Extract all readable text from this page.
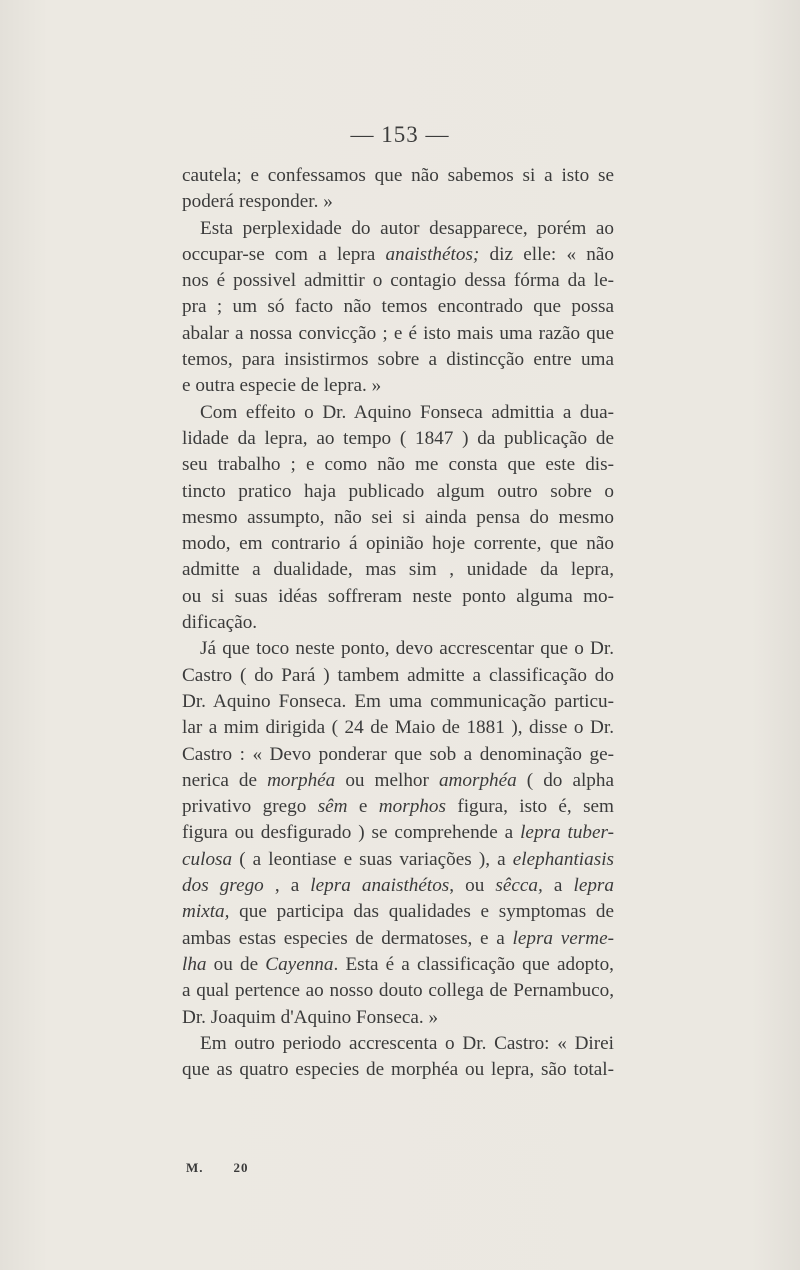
— 153 —
cautela; e confessamos que não sabemos si a isto se
poderá responder. »
Esta perplexidade do autor desapparece, porém ao
occupar-se com a lepra anaisthétos; diz elle: « não
nos é possivel admittir o contagio dessa fórma da le-
pra ; um só facto não temos encontrado que possa
abalar a nossa convicção ; e é isto mais uma razão que
temos, para insistirmos sobre a distincção entre uma
e outra especie de lepra. »
Com effeito o Dr. Aquino Fonseca admittia a dua-
lidade da lepra, ao tempo ( 1847 ) da publicação de
seu trabalho ; e como não me consta que este dis-
tincto pratico haja publicado algum outro sobre o
mesmo assumpto, não sei si ainda pensa do mesmo
modo, em contrario á opinião hoje corrente, que não
admitte a dualidade, mas sim , unidade da lepra,
ou si suas idéas soffreram neste ponto alguma mo-
dificação.
Já que toco neste ponto, devo accrescentar que o Dr.
Castro ( do Pará ) tambem admitte a classificação do
Dr. Aquino Fonseca. Em uma communicação particu-
lar a mim dirigida ( 24 de Maio de 1881 ), disse o Dr.
Castro : « Devo ponderar que sob a denominação ge-
nerica de morphéa ou melhor amorphéa ( do alpha
privativo grego sêm e morphos figura, isto é, sem
figura ou desfigurado ) se comprehende a lepra tuber-
culosa ( a leontiase e suas variações ), a elephantiasis
dos grego , a lepra anaisthétos, ou sêcca, a lepra
mixta, que participa das qualidades e symptomas de
ambas estas especies de dermatoses, e a lepra verme-
lha ou de Cayenna. Esta é a classificação que adopto,
a qual pertence ao nosso douto collega de Pernambuco,
Dr. Joaquim d'Aquino Fonseca. »
Em outro periodo accrescenta o Dr. Castro: « Direi
que as quatro especies de morphéa ou lepra, são total-
M. 20
